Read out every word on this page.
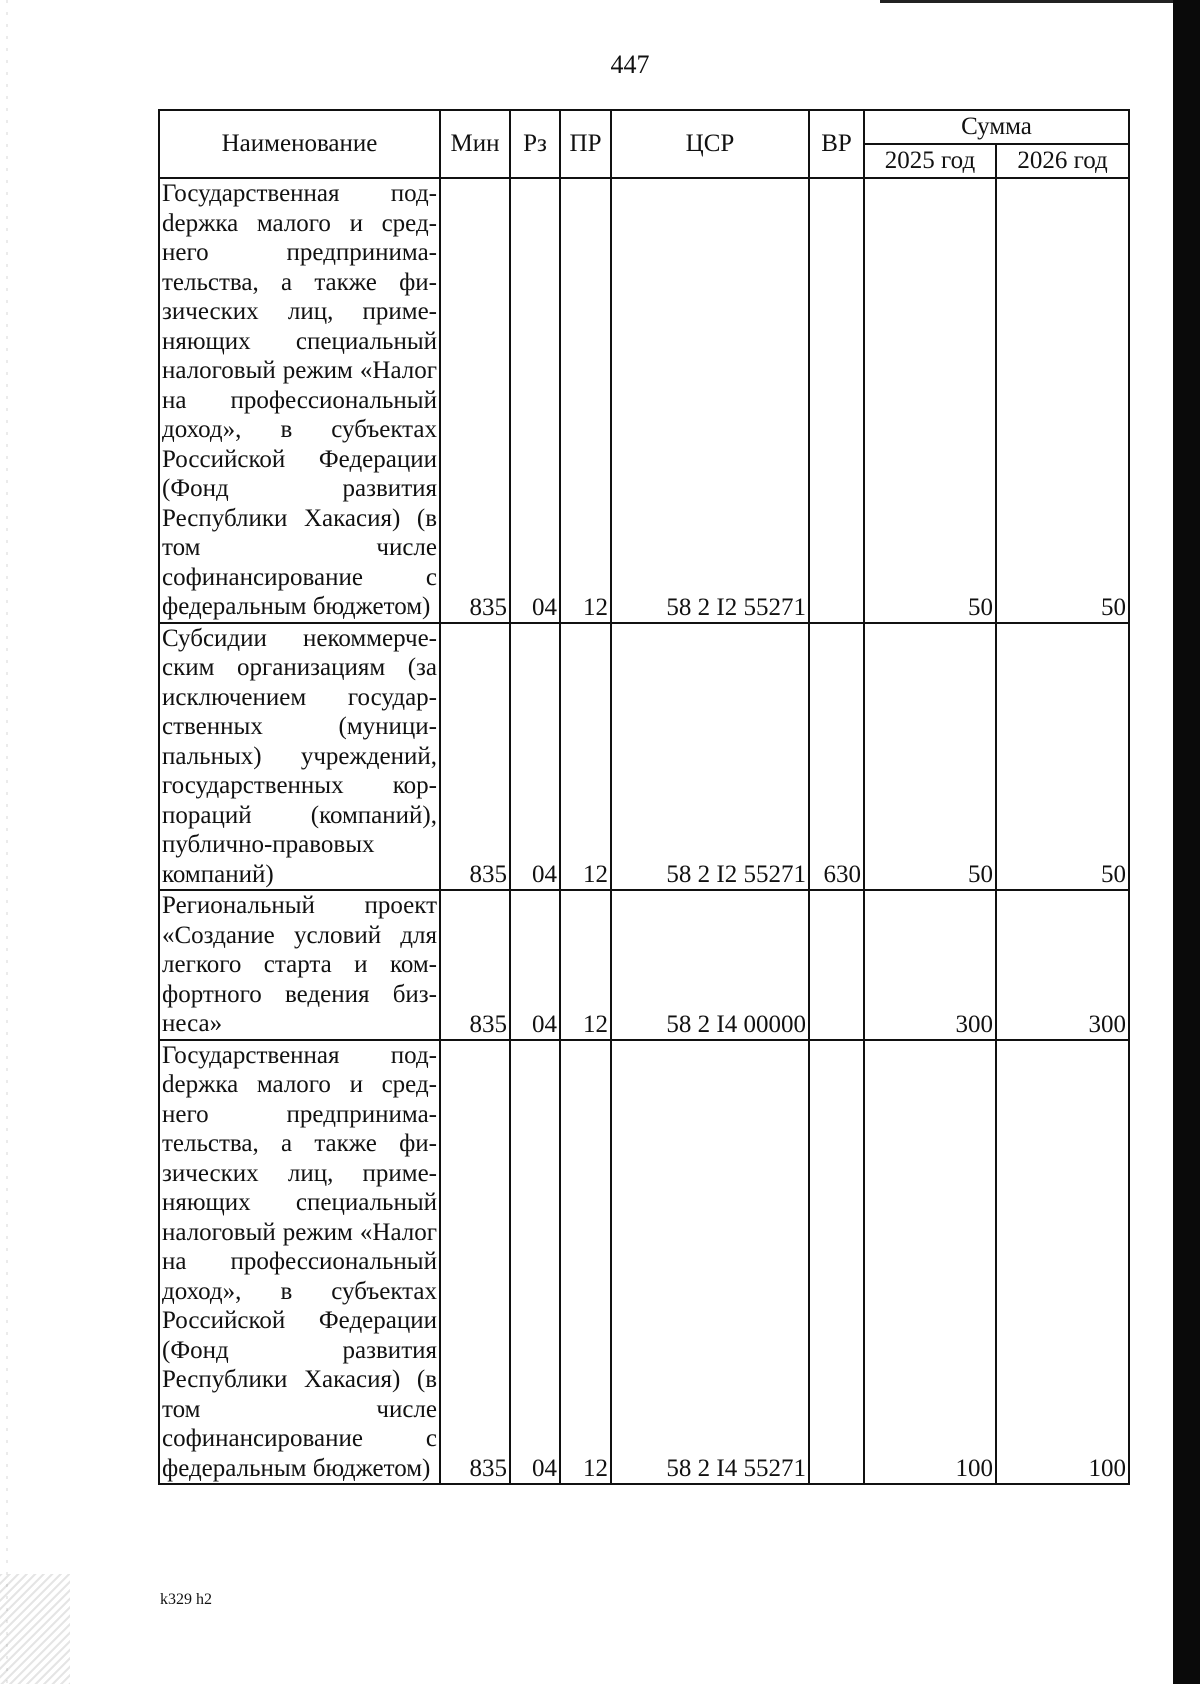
447
Наименование	Мин	Рз	ПР	ЦСР	ВР	Сумма	
						2025 год	2026 год
Государственная подdержка малого и среднего предпринимательства, а также физических лиц, применяющих специальный налоговый режим «Налог на профессиональный доход», в субъектах Российской Федерации (Фонд развития Республики Хакасия) (в том числе софинансирование с федеральным бюджетом)	835	04	12	58 2 I2 55271		50	50
Субсидии некоммерческим организациям (за исключением государственных (муниципальных) учреждений, государственных корпораций (компаний), публично-правовых компаний)	835	04	12	58 2 I2 55271	630	50	50
Региональный проект «Создание условий для легкого старта и комфортного ведения бизнеса»	835	04	12	58 2 I4 00000		300	300
Государственная подdержка малого и среднего предпринимательства, а также физических лиц, применяющих специальный налоговый режим «Налог на профессиональный доход», в субъектах Российской Федерации (Фонд развития Республики Хакасия) (в том числе софинансирование с федеральным бюджетом)	835	04	12	58 2 I4 55271		100	100
k329 h2
